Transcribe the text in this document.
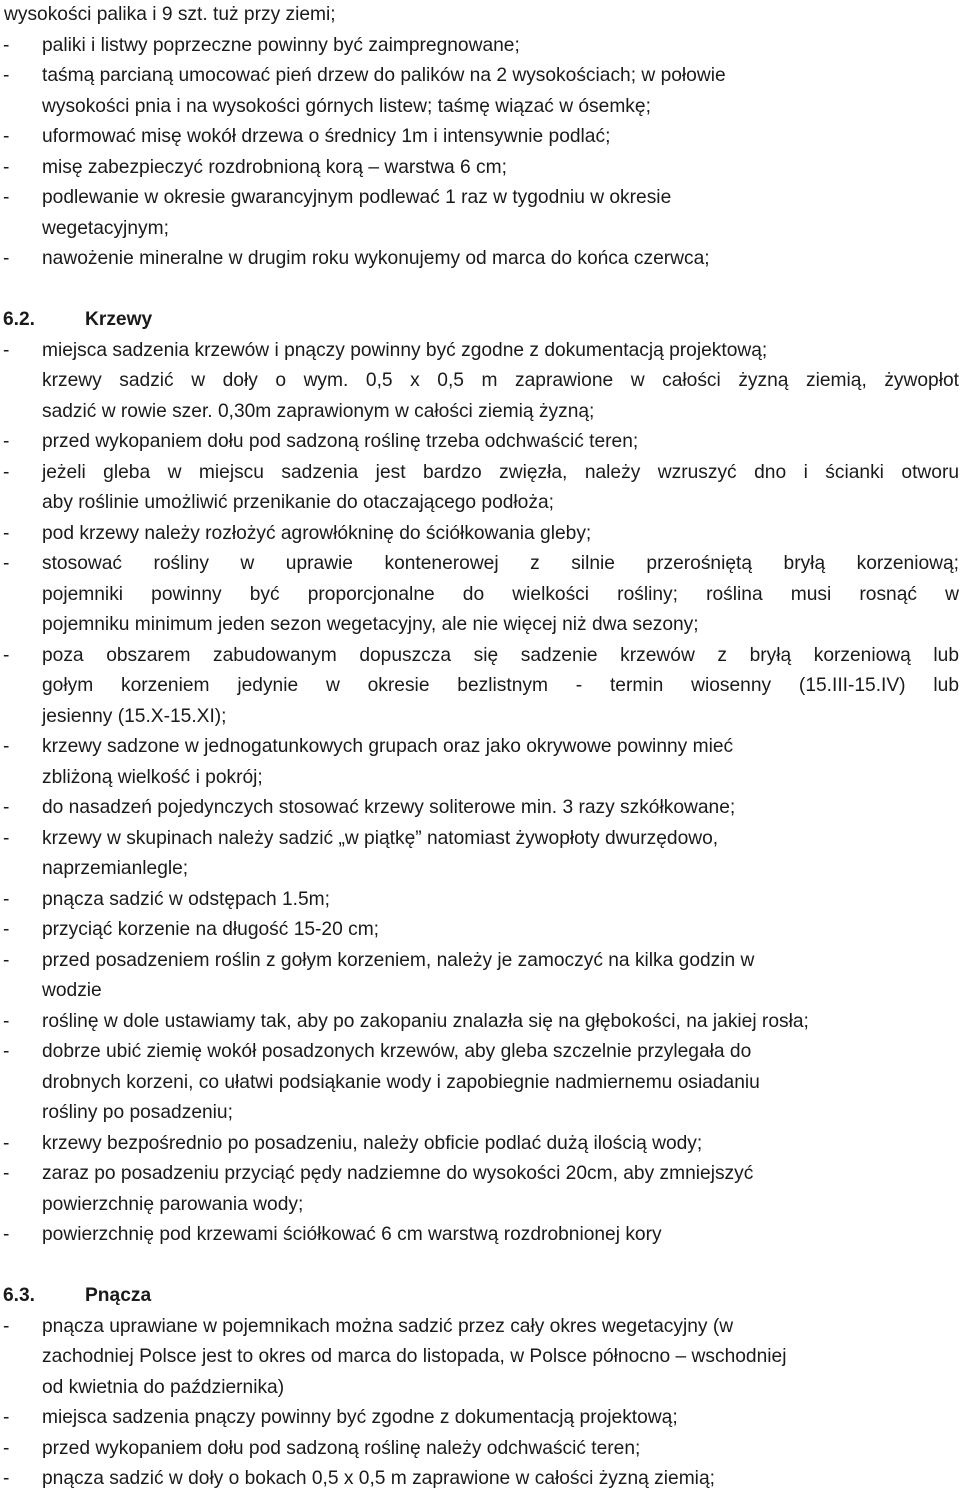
wysokości palika i 9 szt. tuż przy ziemi;
- paliki i listwy poprzeczne powinny być zaimpregnowane;
- taśmą parcianą umocować pień drzew do palików na 2 wysokościach; w połowie
wysokości pnia i na wysokości górnych listew; taśmę wiązać w ósemkę;
- uformować misę wokół drzewa o średnicy 1m i intensywnie podlać;
- misę zabezpieczyć rozdrobnioną korą – warstwa 6 cm;
- podlewanie w okresie gwarancyjnym podlewać 1 raz w tygodniu w okresie
wegetacyjnym;
- nawożenie mineralne w drugim roku wykonujemy od marca do końca czerwca;
6.2.	Krzewy
- miejsca sadzenia krzewów i pnączy powinny być zgodne z dokumentacją projektową;
krzewy sadzić w doły o wym. 0,5 x 0,5 m zaprawione w całości żyzną ziemią, żywopłot
sadzić w rowie szer. 0,30m zaprawionym w całości ziemią żyzną;
- przed wykopaniem dołu pod sadzoną roślinę trzeba odchwaścić teren;
- jeżeli gleba w miejscu sadzenia jest bardzo zwięzła, należy wzruszyć dno i ścianki otworu
aby roślinie umożliwić przenikanie do otaczającego podłoża;
- pod krzewy należy rozłożyć agrowłókninę do ściółkowania gleby;
- stosować rośliny w uprawie kontenerowej z silnie przerośniętą bryłą korzeniową;
pojemniki powinny być proporcjonalne do wielkości rośliny; roślina musi rosnąć w
pojemniku minimum jeden sezon wegetacyjny, ale nie więcej niż dwa sezony;
- poza obszarem zabudowanym dopuszcza się sadzenie krzewów z bryłą korzeniową lub
gołym korzeniem jedynie w okresie bezlistnym - termin wiosenny (15.III-15.IV) lub
jesienny (15.X-15.XI);
- krzewy sadzone w jednogatunkowych grupach oraz jako okrywowe powinny mieć
zbliżoną wielkość i pokrój;
- do nasadzeń pojedynczych stosować krzewy soliterowe min. 3 razy szkółkowane;
- krzewy w skupinach należy sadzić „w piątkę” natomiast żywopłoty dwurzędowo,
naprzemianlegle;
- pnącza sadzić w odstępach 1.5m;
- przyciąć korzenie na długość 15-20 cm;
- przed posadzeniem roślin z gołym korzeniem, należy je zamoczyć na kilka godzin w
wodzie
- roślinę w dole ustawiamy tak, aby po zakopaniu znalazła się na głębokości, na jakiej rosła;
- dobrze ubić ziemię wokół posadzonych krzewów, aby gleba szczelnie przylegała do
drobnych korzeni, co ułatwi podsiąkanie wody i zapobiegnie nadmiernemu osiadaniu
rośliny po posadzeniu;
- krzewy bezpośrednio po posadzeniu, należy obficie podlać dużą ilością wody;
- zaraz po posadzeniu przyciąć pędy nadziemne do wysokości 20cm, aby zmniejszyć
powierzchnię parowania wody;
- powierzchnię pod krzewami ściółkować 6 cm warstwą rozdrobnionej kory
6.3.	Pnącza
- pnącza uprawiane w pojemnikach można sadzić przez cały okres wegetacyjny (w
zachodniej Polsce jest to okres od marca do listopada, w Polsce północno – wschodniej
od kwietnia do października)
- miejsca sadzenia pnączy powinny być zgodne z dokumentacją projektową;
- przed wykopaniem dołu pod sadzoną roślinę należy odchwaścić teren;
- pnącza sadzić w doły o bokach 0,5 x 0,5 m zaprawione w całości żyzną ziemią;
